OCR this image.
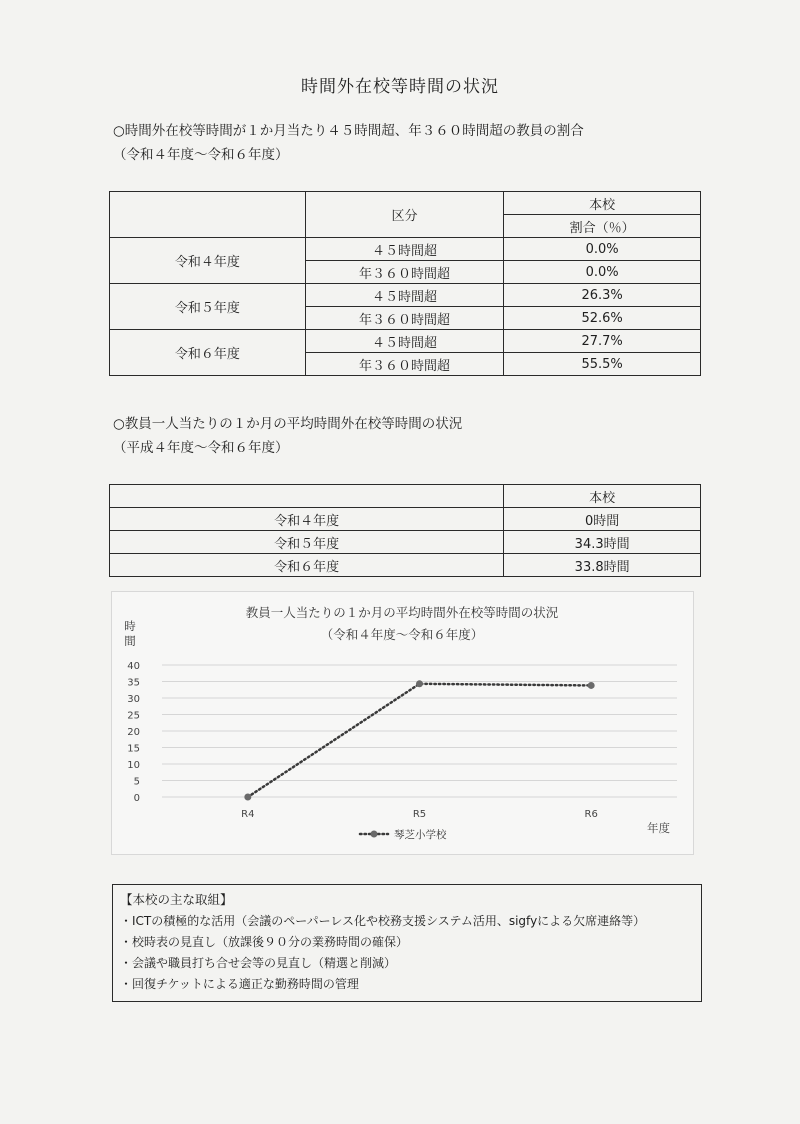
時間外在校等時間の状況
○時間外在校等時間が１か月当たり４５時間超、年３６０時間超の教員の割合
（令和４年度～令和６年度）
	区分	本校
		割合（％）
令和４年度	４５時間超	0.0%
	年３６０時間超	0.0%
令和５年度	４５時間超	26.3%
	年３６０時間超	52.6%
令和６年度	４５時間超	27.7%
	年３６０時間超	55.5%
○教員一人当たりの１か月の平均時間外在校等時間の状況
（平成４年度～令和６年度）
	本校
令和４年度	0時間
令和５年度	34.3時間
令和６年度	33.8時間
教員一人当たりの１か月の平均時間外在校等時間の状況
（令和４年度～令和６年度）
時
間
0
5
10
15
20
25
30
35
40
R4	R5	R6
年度
琴芝小学校
【本校の主な取組】
・ICTの積極的な活用（会議のペーパーレス化や校務支援システム活用、sigfyによる欠席連絡等）
・校時表の見直し（放課後９０分の業務時間の確保）
・会議や職員打ち合せ会等の見直し（精選と削減）
・回復チケットによる適正な勤務時間の管理
